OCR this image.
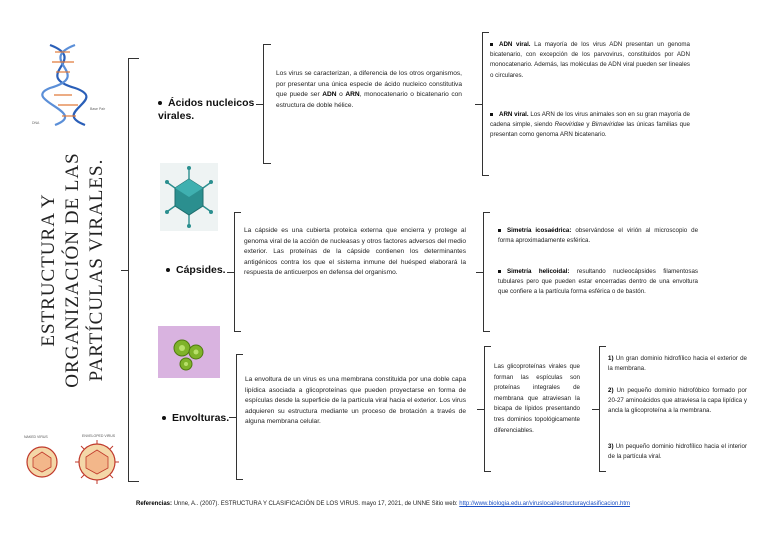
Base Pair
DNA
ESTRUCTURA Y ORGANIZACIÓN DE LAS PARTÍCULAS VIRALES.
NAKED VIRUS	ENVELOPED VIRUS
Ácidos nucleicos virales.
Los virus se caracterizan, a diferencia de los otros organismos, por presentar una única especie de ácido nucleico constitutiva que puede ser ADN o ARN, monocatenario o bicatenario con estructura de doble hélice.
ADN viral. La mayoría de los virus ADN presentan un genoma bicatenario, con excepción de los parvovirus, constituidos por ADN monocatenario. Además, las moléculas de ADN viral pueden ser lineales o circulares.
ARN viral. Los ARN de los virus animales son en su gran mayoría de cadena simple, siendo Reoviridae y Birnaviridae las únicas familias que presentan como genoma ARN bicatenario.
Cápsides.
La cápside es una cubierta proteica externa que encierra y protege al genoma viral de la acción de nucleasas y otros factores adversos del medio exterior. Las proteínas de la cápside contienen los determinantes antigénicos contra los que el sistema inmune del huésped elaborará la respuesta de anticuerpos en defensa del organismo.
Simetría icosaédrica: observándose el virión al microscopio de forma aproximadamente esférica.
Simetría helicoidal: resultando nucleocápsides filamentosas tubulares pero que pueden estar encerradas dentro de una envoltura que confiere a la partícula forma esférica o de bastón.
Envolturas.
La envoltura de un virus es una membrana constituida por una doble capa lipídica asociada a glicoproteínas que pueden proyectarse en forma de espículas desde la superficie de la partícula viral hacia el exterior. Los virus adquieren su estructura mediante un proceso de brotación a través de alguna membrana celular.
Las glicoproteínas virales que forman las espículas son proteínas integrales de membrana que atraviesan la bicapa de lípidos presentando tres dominios topológicamente diferenciables.
1) Un gran dominio hidrofílico hacia el exterior de la membrana.
2) Un pequeño dominio hidrofóbico formado por 20-27 aminoácidos que atraviesa la capa lipídica y ancla la glicoproteína a la membrana.
3) Un pequeño dominio hidrofílico hacia el interior de la partícula viral.
Referencias: Unne, A.. (2007). ESTRUCTURA Y CLASIFICACIÓN DE LOS VIRUS. mayo 17, 2021, de UNNE Sitio web: http://www.biologia.edu.ar/viruslocal/estructurayclasificacion.htm
